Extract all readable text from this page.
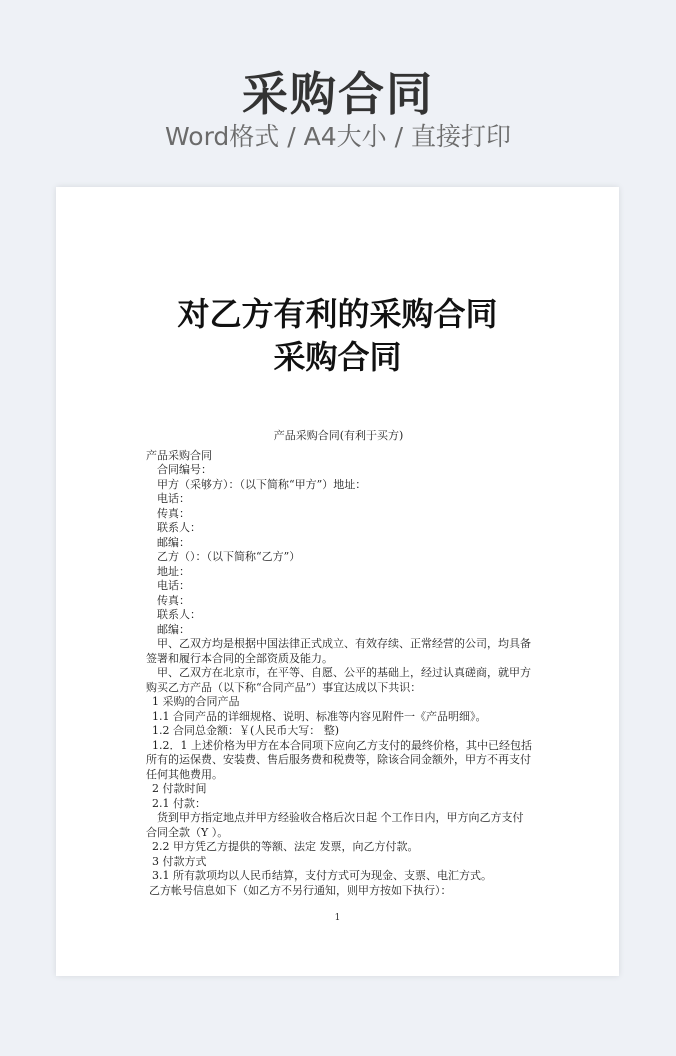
采购合同
Word格式 / A4大小 / 直接打印
对乙方有利的采购合同
采购合同
产品采购合同(有利于买方)
产品采购合同
合同编号：
甲方（采够方）：（以下简称“甲方”）地址：
电话：
传真：
联系人：
邮编：
乙方（）：（以下简称“乙方”）
地址：
电话：
传真：
联系人：
邮编：
甲、乙双方均是根据中国法律正式成立、有效存续、正常经营的公司，均具备
签署和履行本合同的全部资质及能力。
甲、乙双方在北京市，在平等、自愿、公平的基础上，经过认真磋商，就甲方
购买乙方产品（以下称“合同产品”）事宜达成以下共识：
1 采购的合同产品
1.1 合同产品的详细规格、说明、标准等内容见附件一《产品明细》。
1.2 合同总金额：￥(人民币大写： 整)
1.2．1 上述价格为甲方在本合同项下应向乙方支付的最终价格，其中已经包括
所有的运保费、安装费、售后服务费和税费等，除该合同金额外，甲方不再支付
任何其他费用。
2 付款时间
2.1 付款：
货到甲方指定地点并甲方经验收合格后次日起 个工作日内，甲方向乙方支付
合同全款（Y ）。
2.2 甲方凭乙方提供的等额、法定 发票，向乙方付款。
3 付款方式
3.1 所有款项均以人民币结算，支付方式可为现金、支票、电汇方式。
乙方帐号信息如下（如乙方不另行通知，则甲方按如下执行）：
1
